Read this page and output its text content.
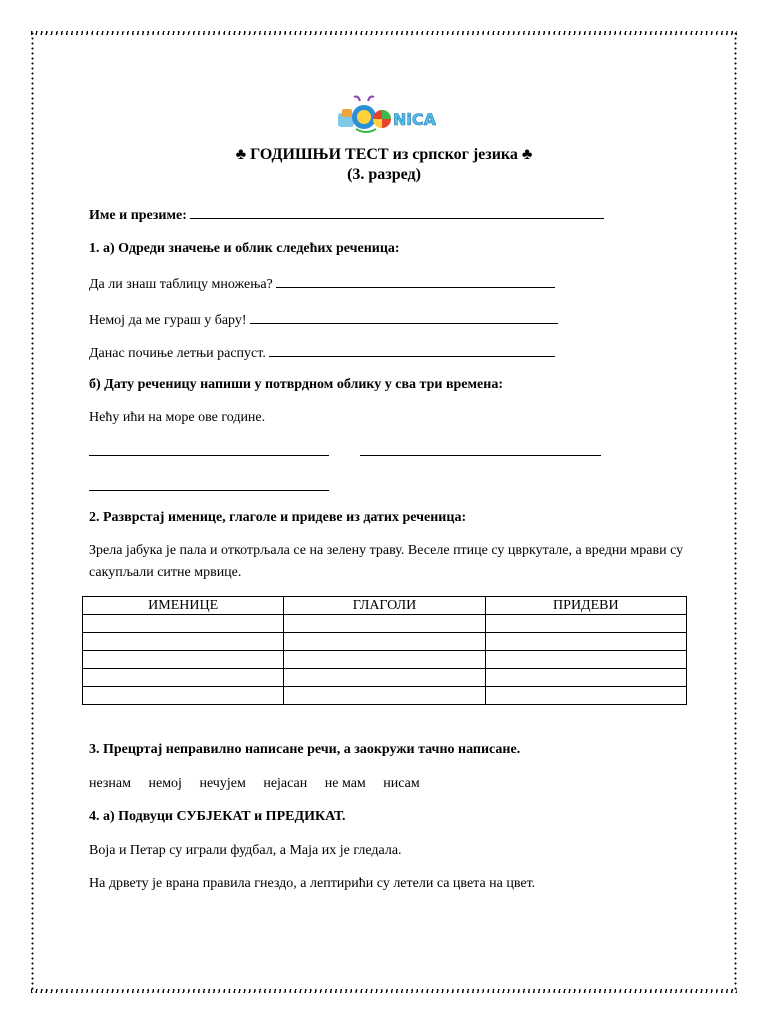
NiCA
♣ ГОДИШЊИ ТЕСТ из српског језика ♣
(3. разред)
Име и презиме:
1. а) Одреди значење и облик следећих реченица:
Да ли знаш таблицу множења?
Немој да ме гураш у бару!
Данас почиње летњи распуст.
б) Дату реченицу напиши у потврдном облику у сва три времена:
Нећу ићи на море ове године.
2. Разврстај именице, глаголе и придеве из датих реченица:
Зрела јабука је пала и откотрљала се на зелену траву. Веселе птице су цвркутале, а вредни мрави су сакупљали ситне мрвице.
ИМЕНИЦЕ	ГЛАГОЛИ	ПРИДЕВИ

3. Прецртај неправилно написане речи, а заокружи тачно написане.
незнам немој нечујем нејасан не мам нисам
4. а) Подвуци СУБЈЕКАТ и ПРЕДИКАТ.
Воја и Петар су играли фудбал, а Маја их је гледала.
На дрвету је врана правила гнездо, а лептирићи су летели са цвета на цвет.
